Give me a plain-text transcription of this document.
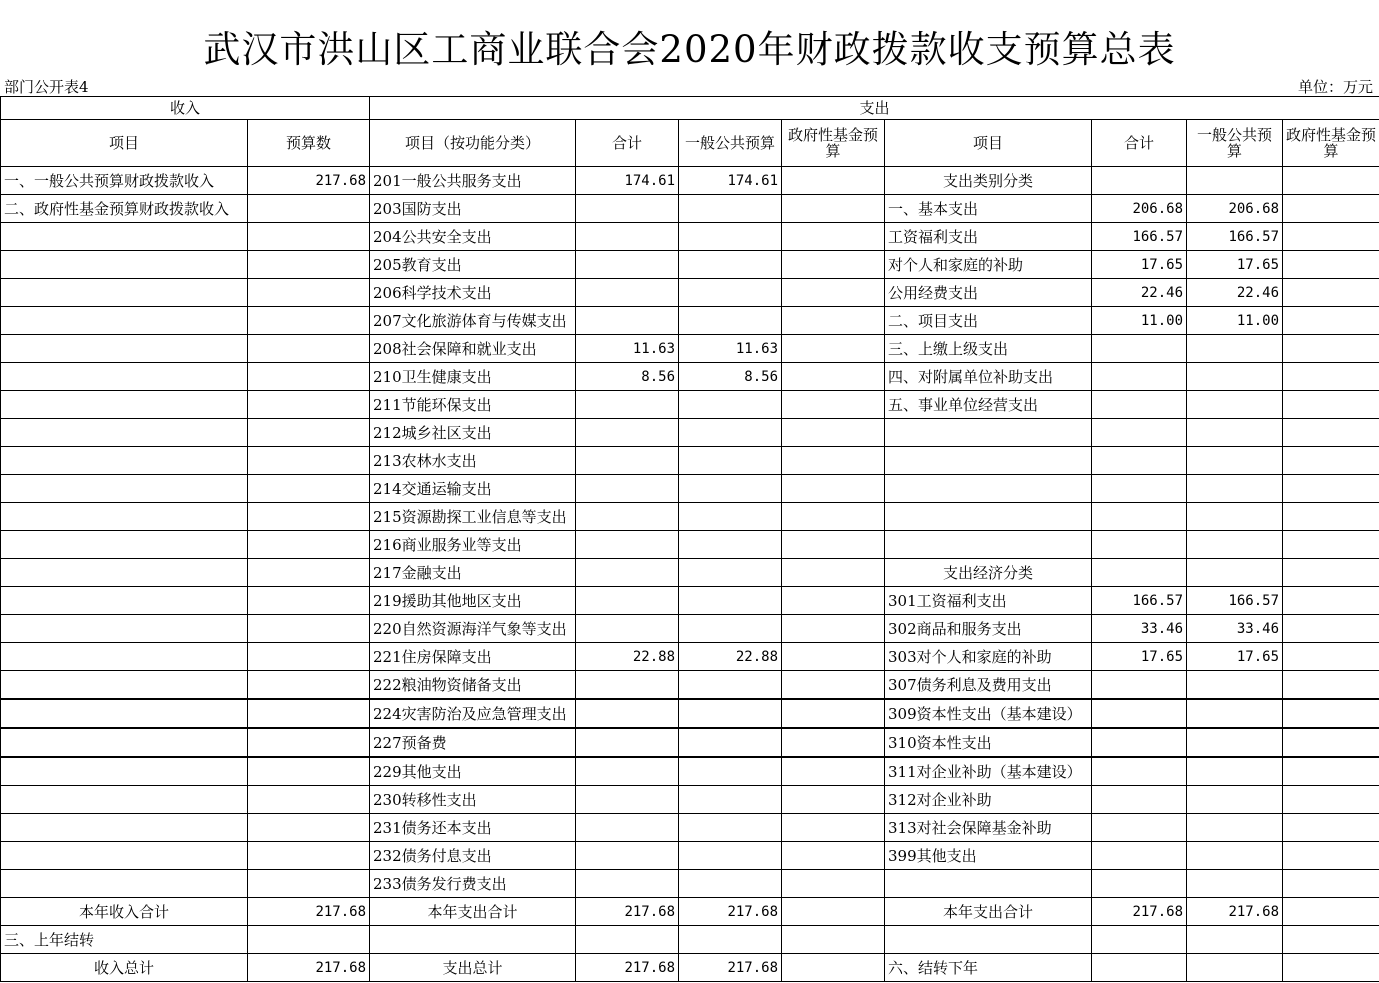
武汉市洪山区工商业联合会2020年财政拨款收支预算总表
部门公开表4	单位：万元
收入		支出							
项目	预算数	项目（按功能分类）	合计	一般公共预算	政府性基金预算	项目	合计	一般公共预算	政府性基金预算
一、一般公共预算财政拨款收入	217.68	201一般公共服务支出	174.61	174.61		支出类别分类			
二、政府性基金预算财政拨款收入		203国防支出				一、基本支出	206.68	206.68	
		204公共安全支出				工资福利支出	166.57	166.57	
		205教育支出				对个人和家庭的补助	17.65	17.65	
		206科学技术支出				公用经费支出	22.46	22.46	
		207文化旅游体育与传媒支出				二、项目支出	11.00	11.00	
		208社会保障和就业支出	11.63	11.63		三、上缴上级支出			
		210卫生健康支出	8.56	8.56		四、对附属单位补助支出			
		211节能环保支出				五、事业单位经营支出			
		212城乡社区支出							
		213农林水支出							
		214交通运输支出							
		215资源勘探工业信息等支出							
		216商业服务业等支出							
		217金融支出				支出经济分类			
		219援助其他地区支出				301工资福利支出	166.57	166.57	
		220自然资源海洋气象等支出				302商品和服务支出	33.46	33.46	
		221住房保障支出	22.88	22.88		303对个人和家庭的补助	17.65	17.65	
		222粮油物资储备支出				307债务利息及费用支出			
		224灾害防治及应急管理支出				309资本性支出（基本建设）			
		227预备费				310资本性支出			
		229其他支出				311对企业补助（基本建设）			
		230转移性支出				312对企业补助			
		231债务还本支出				313对社会保障基金补助			
		232债务付息支出				399其他支出			
		233债务发行费支出							
本年收入合计	217.68	本年支出合计	217.68	217.68		本年支出合计	217.68	217.68	
三、上年结转									
收入总计	217.68	支出总计	217.68	217.68		六、结转下年			
